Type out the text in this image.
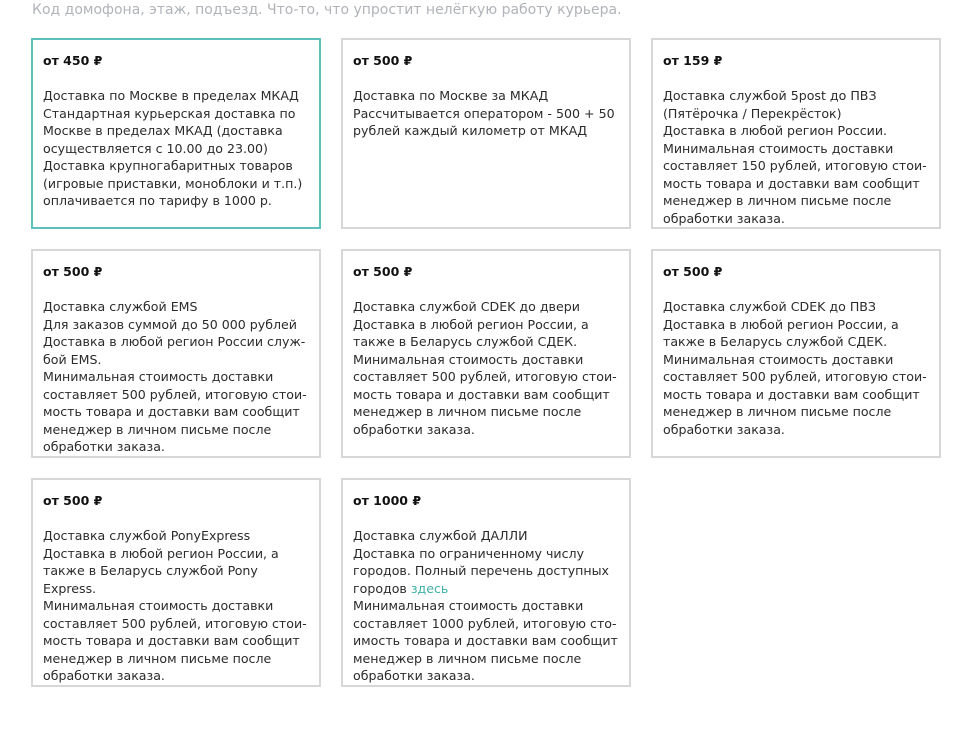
Код домофона, этаж, подъезд. Что-то, что упростит нелёгкую работу курьера.
от 450 ₽
Доставка по Москве в пределах МКАД
Стандартная курьерская доставка по
Москве в пределах МКАД (доставка
осуществляется с 10.00 до 23.00)
Доставка крупногабаритных товаров
(игровые приставки, моноблоки и т.п.)
оплачивается по тарифу в 1000 р.
от 500 ₽
Доставка по Москве за МКАД
Рассчитывается оператором - 500 + 50
рублей каждый километр от МКАД
от 159 ₽
Доставка службой 5post до ПВЗ
(Пятёрочка / Перекрёсток)
Доставка в любой регион России.
Минимальная стоимость доставки
составляет 150 рублей, итоговую стои-
мость товара и доставки вам сообщит
менеджер в личном письме после
обработки заказа.
от 500 ₽
Доставка службой EMS
Для заказов суммой до 50 000 рублей
Доставка в любой регион России служ-
бой EMS.
Минимальная стоимость доставки
составляет 500 рублей, итоговую стои-
мость товара и доставки вам сообщит
менеджер в личном письме после
обработки заказа.
от 500 ₽
Доставка службой CDEK до двери
Доставка в любой регион России, а
также в Беларусь службой СДЕК.
Минимальная стоимость доставки
составляет 500 рублей, итоговую стои-
мость товара и доставки вам сообщит
менеджер в личном письме после
обработки заказа.
от 500 ₽
Доставка службой CDEK до ПВЗ
Доставка в любой регион России, а
также в Беларусь службой СДЕК.
Минимальная стоимость доставки
составляет 500 рублей, итоговую стои-
мость товара и доставки вам сообщит
менеджер в личном письме после
обработки заказа.
от 500 ₽
Доставка службой PonyExpress
Доставка в любой регион России, а
также в Беларусь службой Pony
Express.
Минимальная стоимость доставки
составляет 500 рублей, итоговую стои-
мость товара и доставки вам сообщит
менеджер в личном письме после
обработки заказа.
от 1000 ₽
Доставка службой ДАЛЛИ
Доставка по ограниченному числу
городов. Полный перечень доступных
городов здесь
Минимальная стоимость доставки
составляет 1000 рублей, итоговую сто-
имость товара и доставки вам сообщит
менеджер в личном письме после
обработки заказа.
